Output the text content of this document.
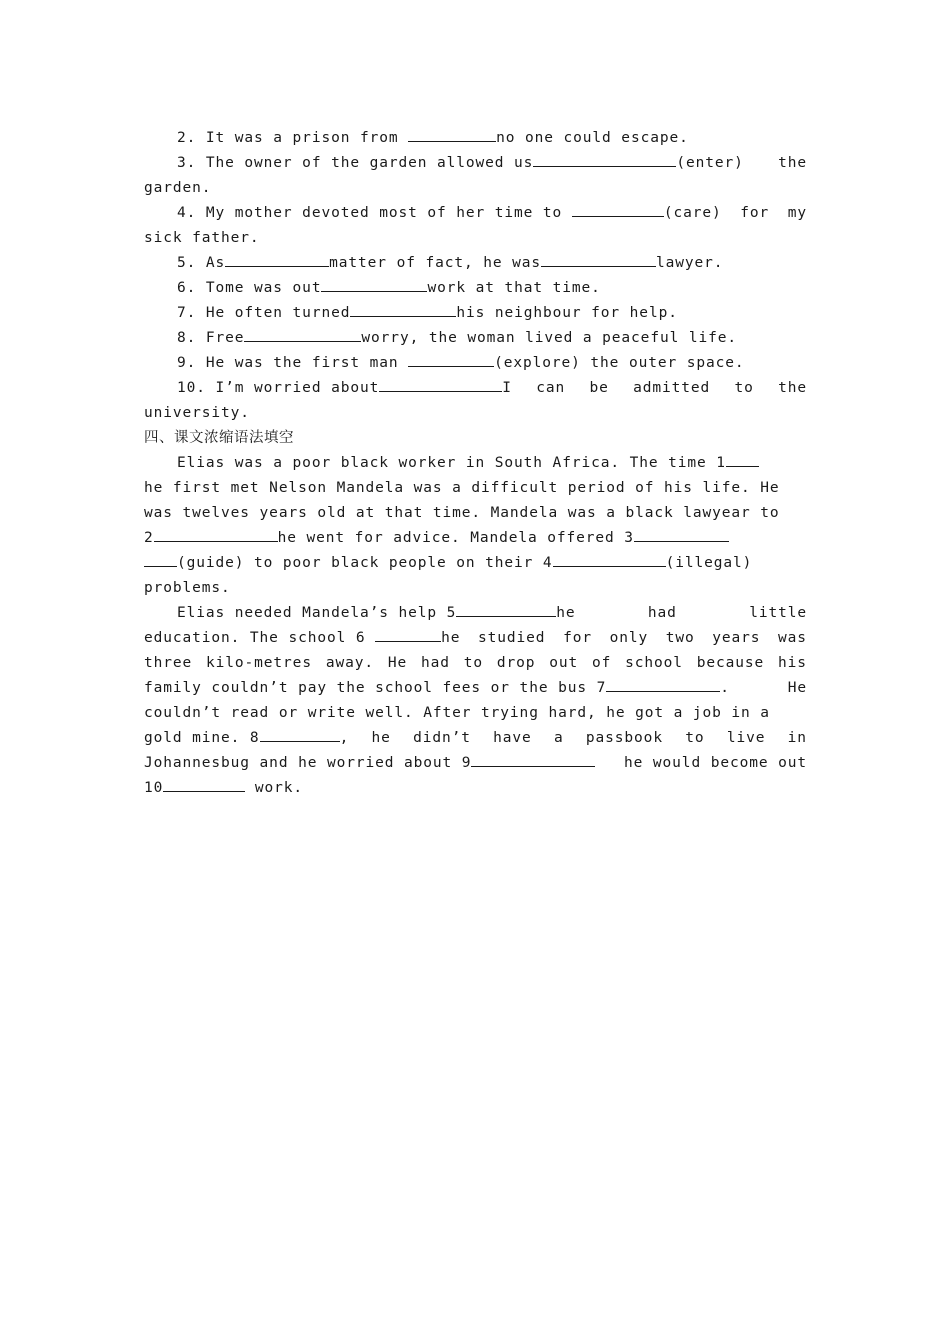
2. It was a prison from	no one could escape.
3. The owner of the garden allowed us	(enter) the
garden.
4. My mother devoted most of her time to	(care) for my
sick father.
5. As	matter of fact, he was	lawyer.
6. Tome was out	work at that time.
7. He often turned	his neighbour for help.
8. Free	worry, the woman lived a peaceful life.
9. He was the first man	(explore) the outer space.
10. I’m worried about	I can be admitted to the
university.
四、课文浓缩语法填空
Elias was a poor black worker in South Africa. The time 1
he first met Nelson Mandela was a difficult period of his life. He
was twelves years old at that time. Mandela was a black lawyear to
2	he went for advice. Mandela offered 3
(guide) to poor black people on their 4	(illegal)
problems.
Elias needed Mandela’s help 5	he	had	little
education. The school 6	he studied for only two years was
three kilo-metres away. He had to drop out of school because his
family couldn’t pay the school fees or the bus 7	.	He
couldn’t read or write well. After trying hard, he got a job in a
gold mine. 8	, he didn’t have a passbook to live in
Johannesbug and he worried about 9	he would become out
10	work.
